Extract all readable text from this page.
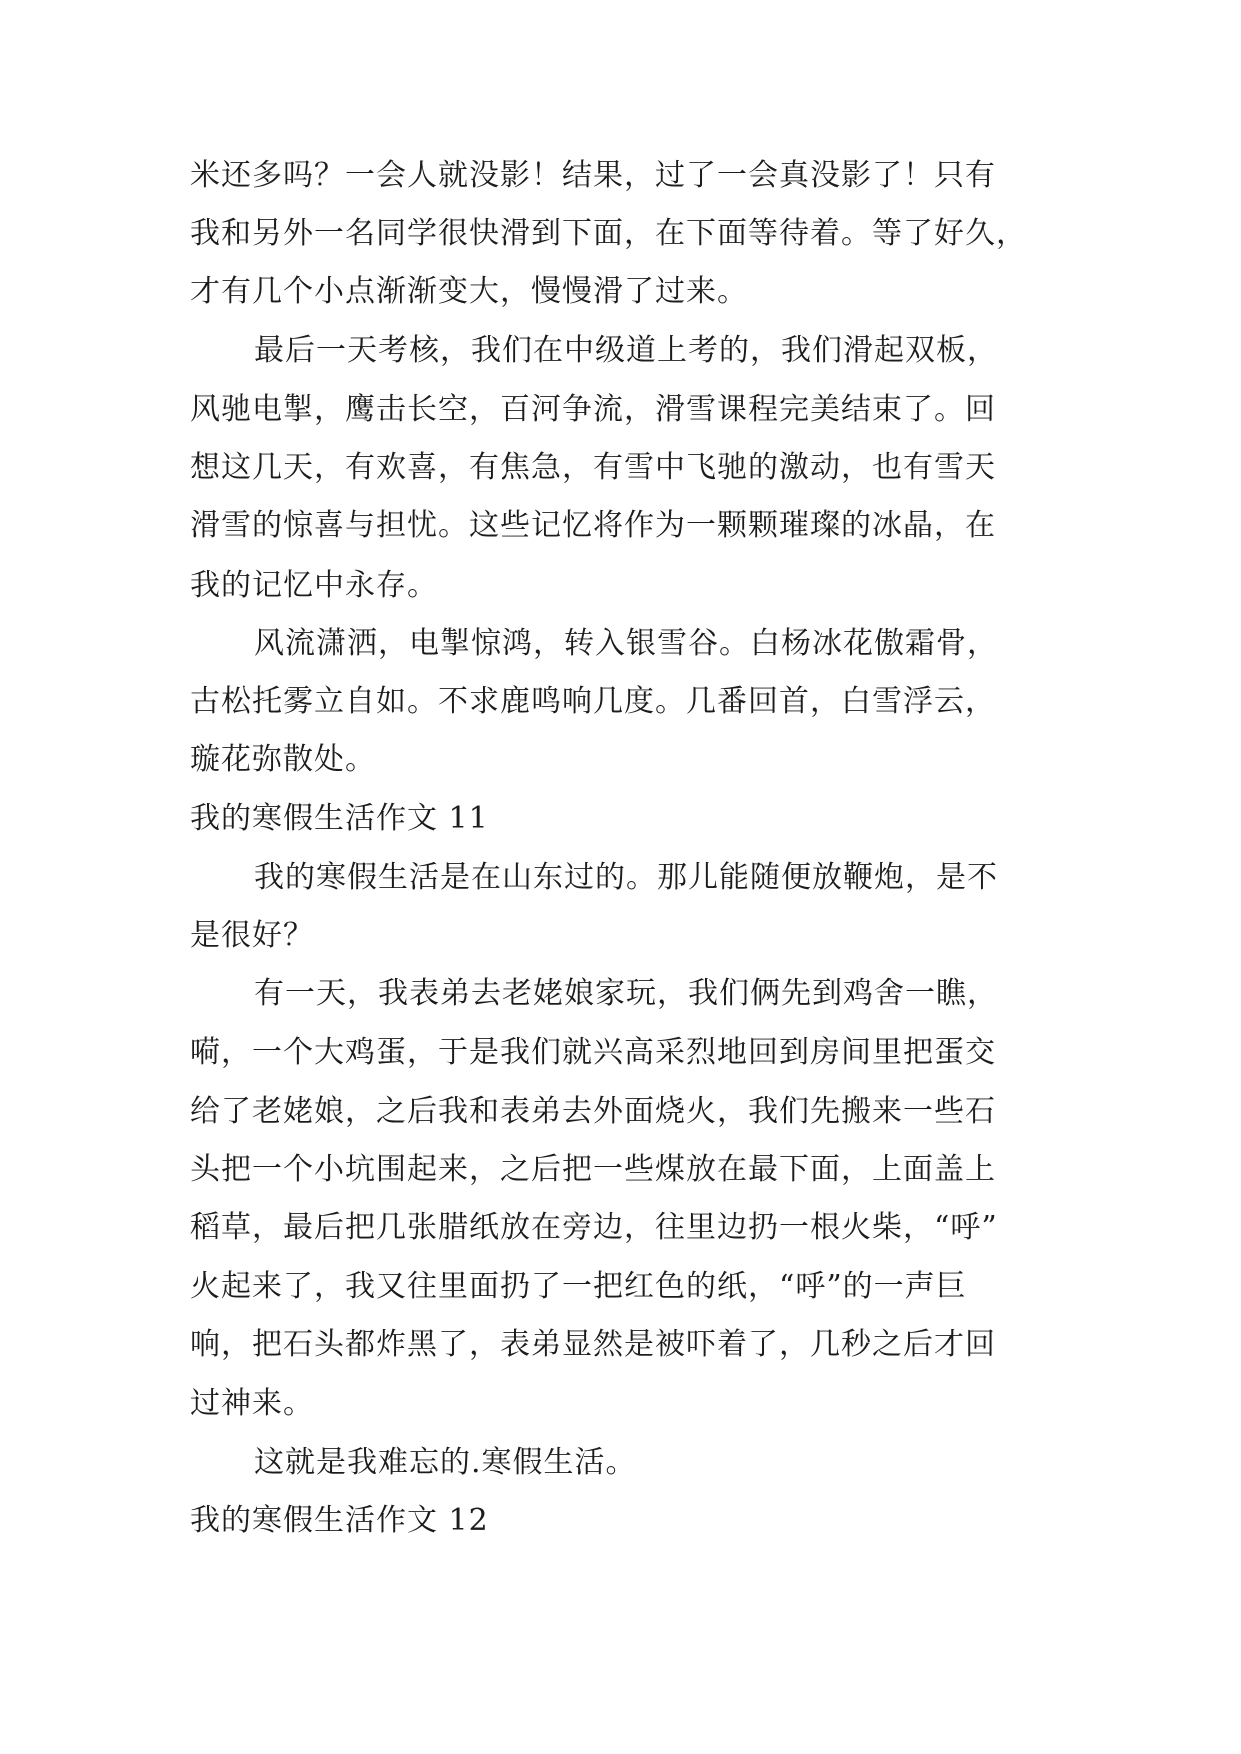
米还多吗？一会人就没影！结果，过了一会真没影了！只有
我和另外一名同学很快滑到下面，在下面等待着。等了好久，
才有几个小点渐渐变大，慢慢滑了过来。
最后一天考核，我们在中级道上考的，我们滑起双板，
风驰电掣，鹰击长空，百河争流，滑雪课程完美结束了。回
想这几天，有欢喜，有焦急，有雪中飞驰的激动，也有雪天
滑雪的惊喜与担忧。这些记忆将作为一颗颗璀璨的冰晶，在
我的记忆中永存。
风流潇洒，电掣惊鸿，转入银雪谷。白杨冰花傲霜骨，
古松托雾立自如。不求鹿鸣响几度。几番回首，白雪浮云，
璇花弥散处。
我的寒假生活作文 11
我的寒假生活是在山东过的。那儿能随便放鞭炮，是不
是很好？
有一天，我表弟去老姥娘家玩，我们俩先到鸡舍一瞧，
嗬，一个大鸡蛋，于是我们就兴高采烈地回到房间里把蛋交
给了老姥娘，之后我和表弟去外面烧火，我们先搬来一些石
头把一个小坑围起来，之后把一些煤放在最下面，上面盖上
稻草，最后把几张腊纸放在旁边，往里边扔一根火柴，“呼”
火起来了，我又往里面扔了一把红色的纸，“呼”的一声巨
响，把石头都炸黑了，表弟显然是被吓着了，几秒之后才回
过神来。
这就是我难忘的.寒假生活。
我的寒假生活作文 12
